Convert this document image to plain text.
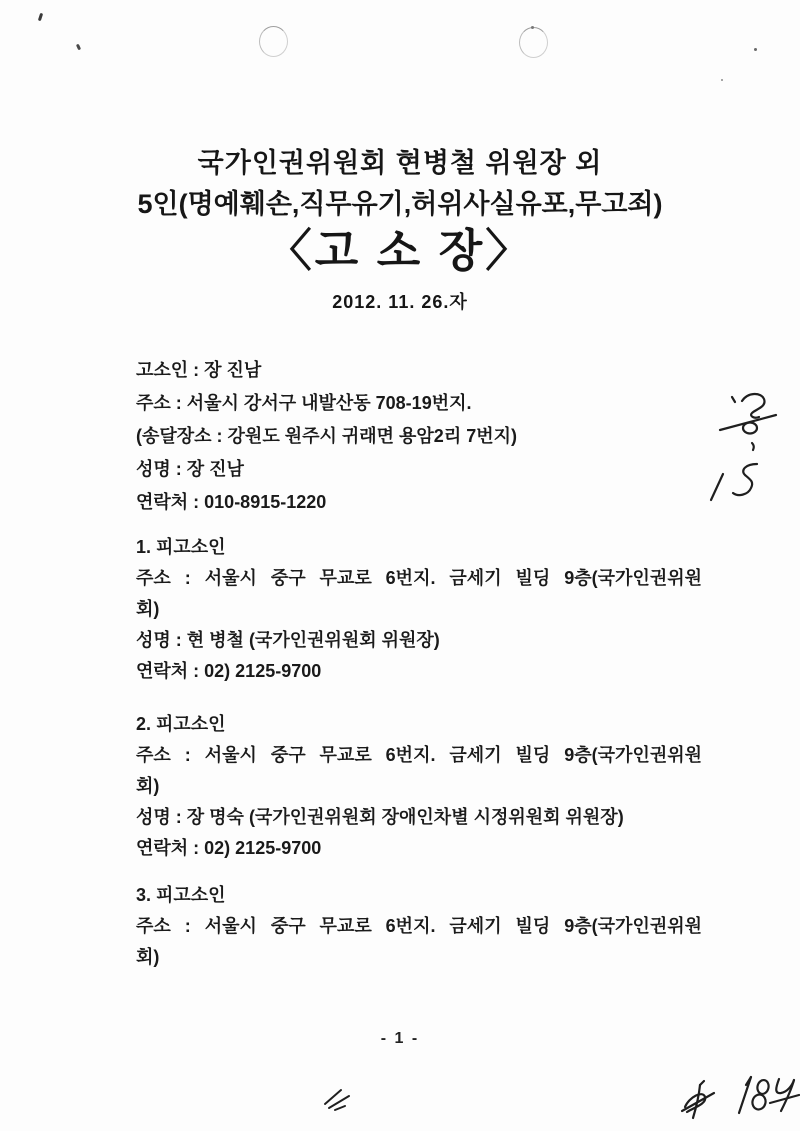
국가인권위원회 현병철 위원장 외
5인(명예훼손,직무유기,허위사실유포,무고죄)
〈고 소 장〉
2012. 11. 26.자
고소인 : 장 진남
주소 : 서울시 강서구 내발산동 708-19번지.
(송달장소 : 강원도 원주시 귀래면 용암2리 7번지)
성명 : 장 진남
연락처 : 010-8915-1220
1. 피고소인
주소 : 서울시 중구 무교로 6번지. 금세기 빌딩 9층(국가인권위원
회)
성명 : 현 병철 (국가인권위원회 위원장)
연락처 : 02) 2125-9700
2. 피고소인
주소 : 서울시 중구 무교로 6번지. 금세기 빌딩 9층(국가인권위원
회)
성명 : 장 명숙 (국가인권위원회 장애인차별 시정위원회 위원장)
연락처 : 02) 2125-9700
3. 피고소인
주소 : 서울시 중구 무교로 6번지. 금세기 빌딩 9층(국가인권위원
회)
- 1 -
